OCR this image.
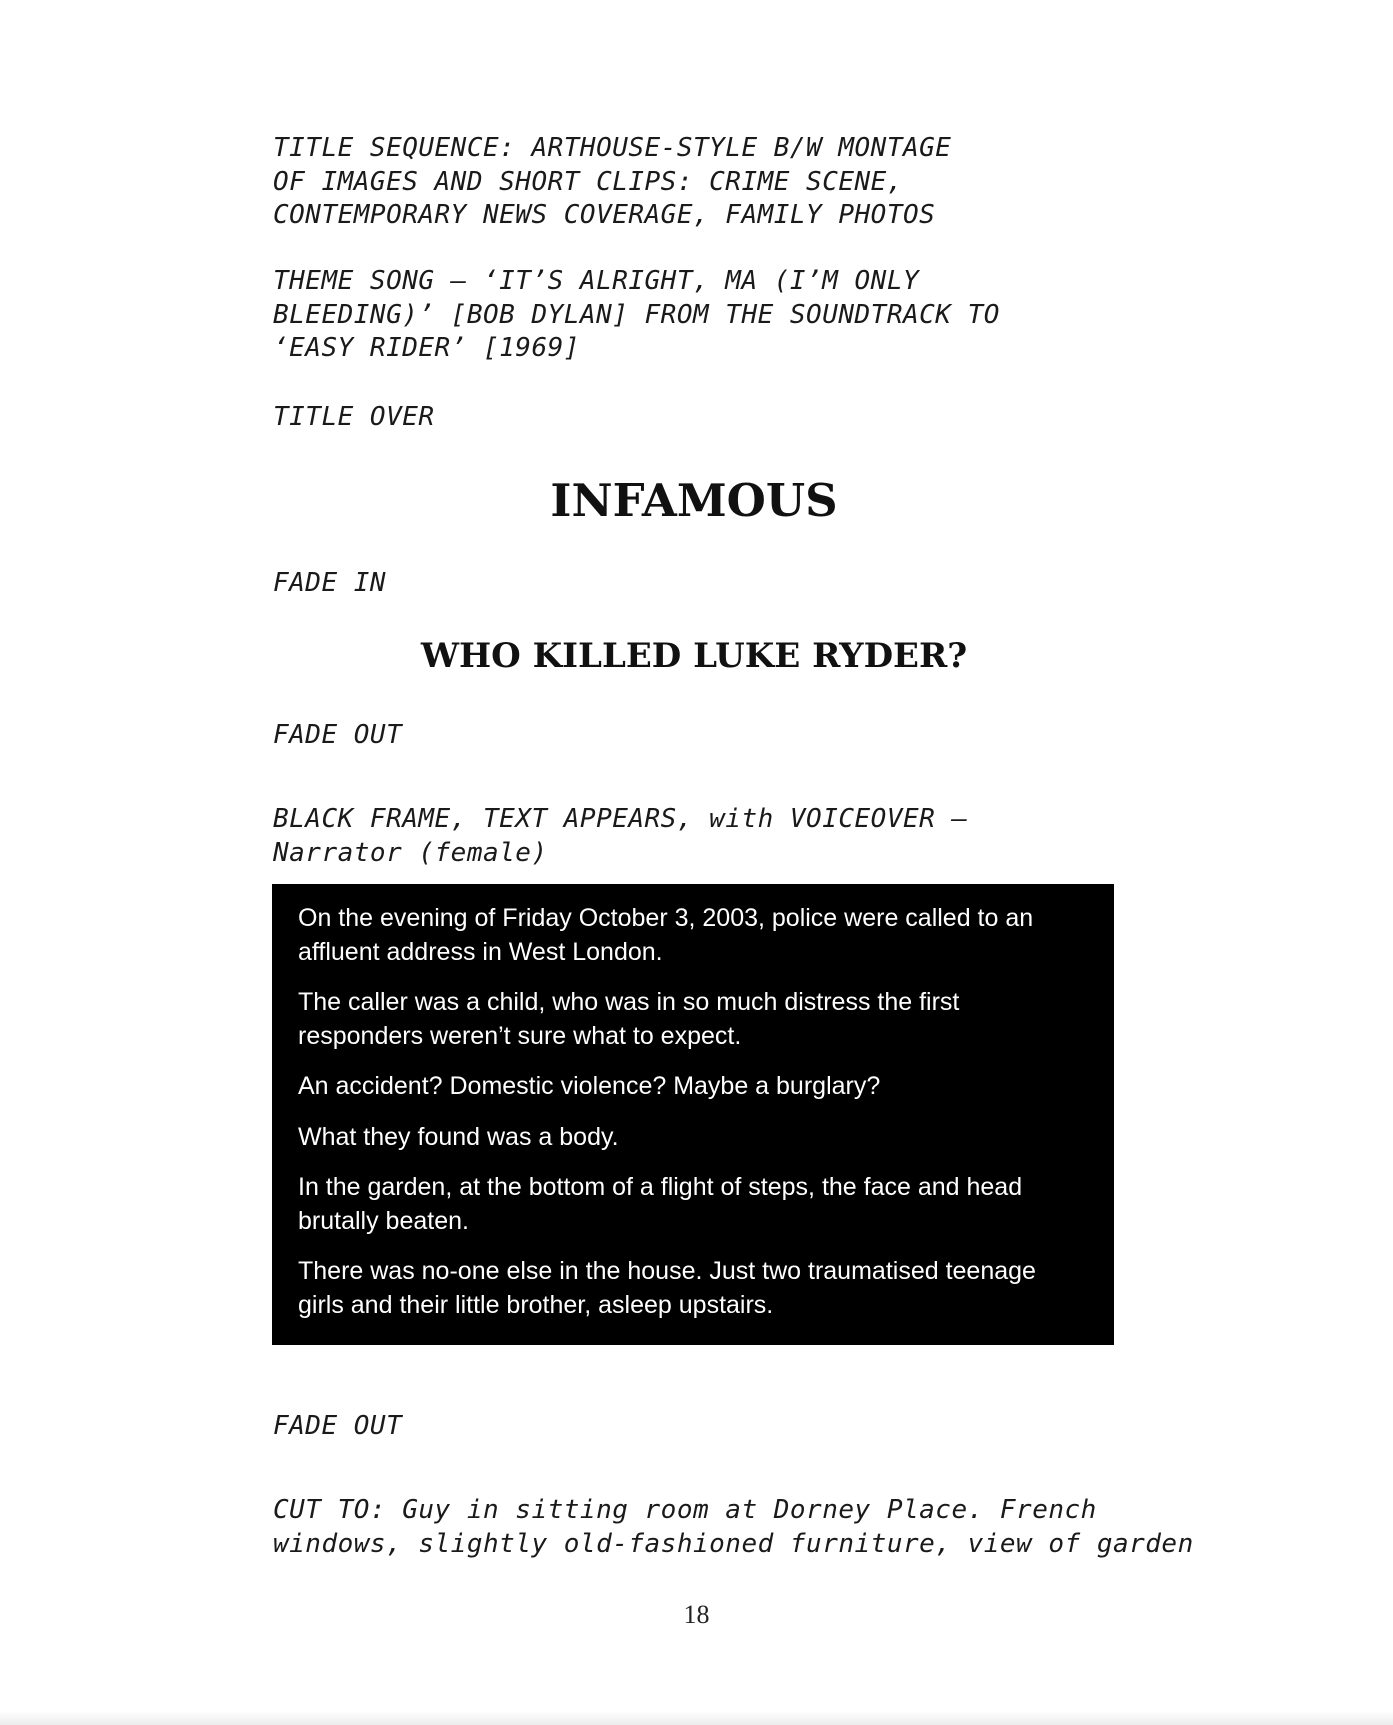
TITLE SEQUENCE: ARTHOUSE-STYLE B/W MONTAGE
OF IMAGES AND SHORT CLIPS: CRIME SCENE,
CONTEMPORARY NEWS COVERAGE, FAMILY PHOTOS
THEME SONG – ‘IT’S ALRIGHT, MA (I’M ONLY
BLEEDING)’ [BOB DYLAN] FROM THE SOUNDTRACK TO
‘EASY RIDER’ [1969]
TITLE OVER
INFAMOUS
FADE IN
WHO KILLED LUKE RYDER?
FADE OUT
BLACK FRAME, TEXT APPEARS, with VOICEOVER –
Narrator (female)

On the evening of Friday October 3, 2003, police were called to an affluent address in West London.

The caller was a child, who was in so much distress the first responders weren’t sure what to expect.

An accident? Domestic violence? Maybe a burglary?

What they found was a body.

In the garden, at the bottom of a flight of steps, the face and head brutally beaten.

There was no-one else in the house. Just two traumatised teenage girls and their little brother, asleep upstairs.

FADE OUT
CUT TO: Guy in sitting room at Dorney Place. French
windows, slightly old-fashioned furniture, view of garden
18
